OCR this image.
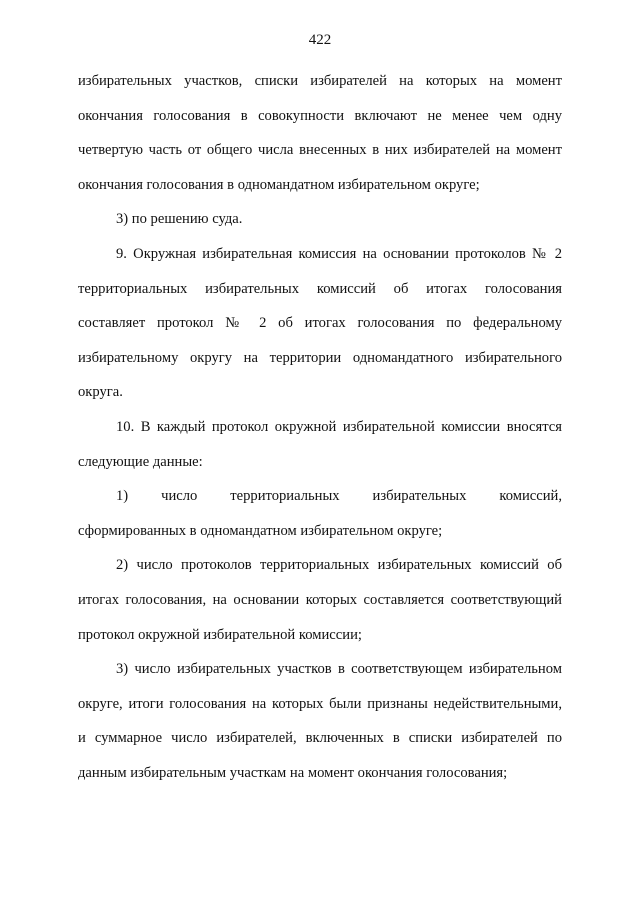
422
избирательных участков, списки избирателей на которых на момент
окончания голосования в совокупности включают не менее чем одну
четвертую часть от общего числа внесенных в них избирателей на момент
окончания голосования в одномандатном избирательном округе;
3) по решению суда.
9. Окружная избирательная комиссия на основании протоколов № 2
территориальных избирательных комиссий об итогах голосования
составляет протокол № 2 об итогах голосования по федеральному
избирательному округу на территории одномандатного избирательного
округа.
10. В каждый протокол окружной избирательной комиссии вносятся
следующие данные:
1) число территориальных избирательных комиссий,
сформированных в одномандатном избирательном округе;
2) число протоколов территориальных избирательных комиссий об
итогах голосования, на основании которых составляется соответствующий
протокол окружной избирательной комиссии;
3) число избирательных участков в соответствующем избирательном
округе, итоги голосования на которых были признаны недействительными,
и суммарное число избирателей, включенных в списки избирателей по
данным избирательным участкам на момент окончания голосования;
